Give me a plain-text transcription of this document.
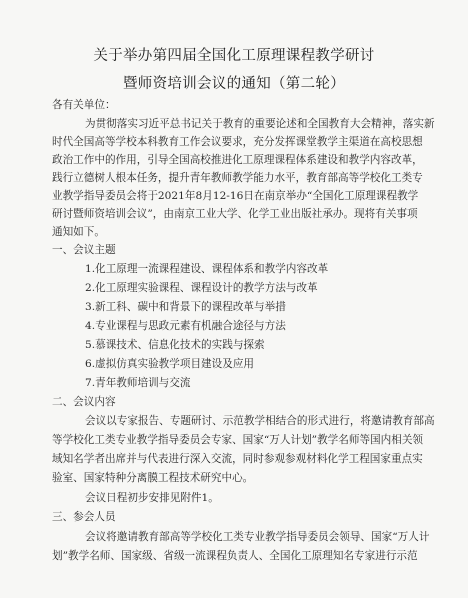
关于举办第四届全国化工原理课程教学研讨
暨师资培训会议的通知（第二轮）
各有关单位：
为贯彻落实习近平总书记关于教育的重要论述和全国教育大会精神，落实新
时代全国高等学校本科教育工作会议要求，充分发挥课堂教学主渠道在高校思想
政治工作中的作用，引导全国高校推进化工原理课程体系建设和教学内容改革，
践行立德树人根本任务，提升青年教师教学能力水平，教育部高等学校化工类专
业教学指导委员会将于2021年8月12-16日在南京举办“全国化工原理课程教学
研讨暨师资培训会议”，由南京工业大学、化学工业出版社承办。现将有关事项
通知如下。
一、会议主题
1.化工原理一流课程建设、课程体系和教学内容改革
2.化工原理实验课程、课程设计的教学方法与改革
3.新工科、碳中和背景下的课程改革与举措
4.专业课程与思政元素有机融合途径与方法
5.慕课技术、信息化技术的实践与探索
6.虚拟仿真实验教学项目建设及应用
7.青年教师培训与交流
二、会议内容
会议以专家报告、专题研讨、示范教学相结合的形式进行，将邀请教育部高
等学校化工类专业教学指导委员会专家、国家“万人计划”教学名师等国内相关领
域知名学者出席并与代表进行深入交流，同时参观参观材料化学工程国家重点实
验室、国家特种分离膜工程技术研究中心。
会议日程初步安排见附件1。
三、参会人员
会议将邀请教育部高等学校化工类专业教学指导委员会领导、国家“万人计
划”教学名师、国家级、省级一流课程负责人、全国化工原理知名专家进行示范
